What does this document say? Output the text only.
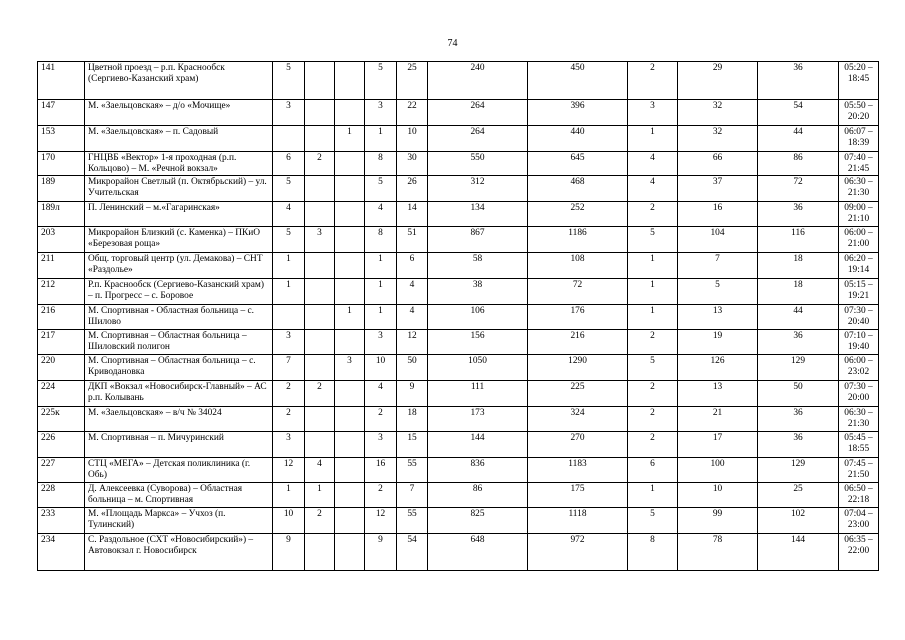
74
141	Цветной проезд – р.п. Краснообск (Сергиево-Казанский храм)	5			5	25	240	450	2	29	36	05:20 – 18:45
147	М. «Заельцовская» – д/о «Мочище»	3			3	22	264	396	3	32	54	05:50 – 20:20
153	М. «Заельцовская» – п. Садовый			1	1	10	264	440	1	32	44	06:07 – 18:39
170	ГНЦВБ «Вектор» 1-я проходная (р.п. Кольцово) – М. «Речной вокзал»	6	2		8	30	550	645	4	66	86	07:40 – 21:45
189	Микрорайон Светлый (п. Октябрьский) – ул. Учительская	5			5	26	312	468	4	37	72	06:30 – 21:30
189л	П. Ленинский – м.«Гагаринская»	4			4	14	134	252	2	16	36	09:00 – 21:10
203	Микрорайон Близкий (с. Каменка) – ПКиО «Березовая роща»	5	3		8	51	867	1186	5	104	116	06:00 – 21:00
211	Общ. торговый центр (ул. Демакова) – СНТ «Раздолье»	1			1	6	58	108	1	7	18	06:20 – 19:14
212	Р.п. Краснообск (Сергиево-Казанский храм) – п. Прогресс – с. Боровое	1			1	4	38	72	1	5	18	05:15 – 19:21
216	М. Спортивная - Областная больница – с. Шилово			1	1	4	106	176	1	13	44	07:30 – 20:40
217	М. Спортивная – Областная больница – Шиловский полигон	3			3	12	156	216	2	19	36	07:10 – 19:40
220	М. Спортивная – Областная больница – с. Криводановка	7		3	10	50	1050	1290	5	126	129	06:00 – 23:02
224	ДКП «Вокзал «Новосибирск-Главный» – АС р.п. Колывань	2	2		4	9	111	225	2	13	50	07:30 – 20:00
225к	М. «Заельцовская» – в/ч № 34024	2			2	18	173	324	2	21	36	06:30 – 21:30
226	М. Спортивная – п. Мичуринский	3			3	15	144	270	2	17	36	05:45 – 18:55
227	СТЦ «МЕГА» – Детская поликлиника (г. Обь)	12	4		16	55	836	1183	6	100	129	07:45 – 21:50
228	Д. Алексеевка (Суворова) – Областная больница – м. Спортивная	1	1		2	7	86	175	1	10	25	06:50 – 22:18
233	М. «Площадь Маркса» – Учхоз (п. Тулинский)	10	2		12	55	825	1118	5	99	102	07:04 – 23:00
234	С. Раздольное (СХТ «Новосибирский») – Автовокзал г. Новосибирск	9			9	54	648	972	8	78	144	06:35 – 22:00
